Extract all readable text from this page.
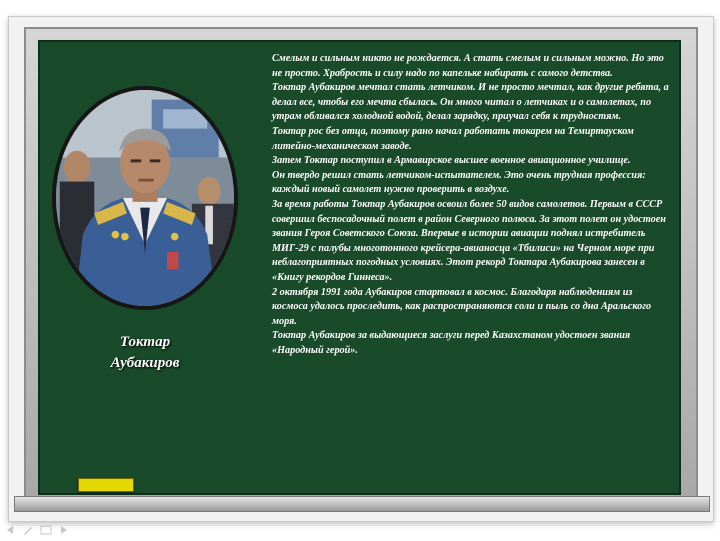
Токтар
Аубакиров

Смелым и сильным никто не рождается. А стать смелым и сильным можно. Но это не просто. Храбрость и силу надо по капельке набирать с самого детства.

Токтар Аубакиров мечтал стать летчиком. И не просто мечтал, как другие ребята, а делал все, чтобы его мечта сбылась. Он много читал о летчиках и о самолетах, по утрам обливался холодной водой, делал зарядку, приучал себя к трудностям.

Токтар рос без отца, поэтому рано начал работать токарем на Темиртауском литейно-механическом заводе.

Затем Токтар поступил в Армавирское высшее военное авиационное училище.

Он твердо решил стать летчиком-испытателем. Это очень трудная профессия: каждый новый самолет нужно проверить в воздухе.

За время работы Токтар Аубакиров освоил более 50 видов самолетов. Первым в СССР совершил беспосадочный полет в район Северного полюса. За этот полет он удостоен звания Героя Советского Союза. Впервые в истории авиации поднял истребитель МИГ-29 с палубы многотонного крейсера-авианосца «Тбилиси» на Черном море при неблагоприятных погодных условиях. Этот рекорд Токтара Аубакирова занесен в «Книгу рекордов Гиннеса».

2 октября 1991 года Аубакиров стартовал в космос. Благодаря наблюдениям из космоса удалось проследить, как распространяются соли и пыль со дна Аральского моря.

Токтар Аубакиров за выдающиеся заслуги перед Казахстаном удостоен звания «Народный герой».
